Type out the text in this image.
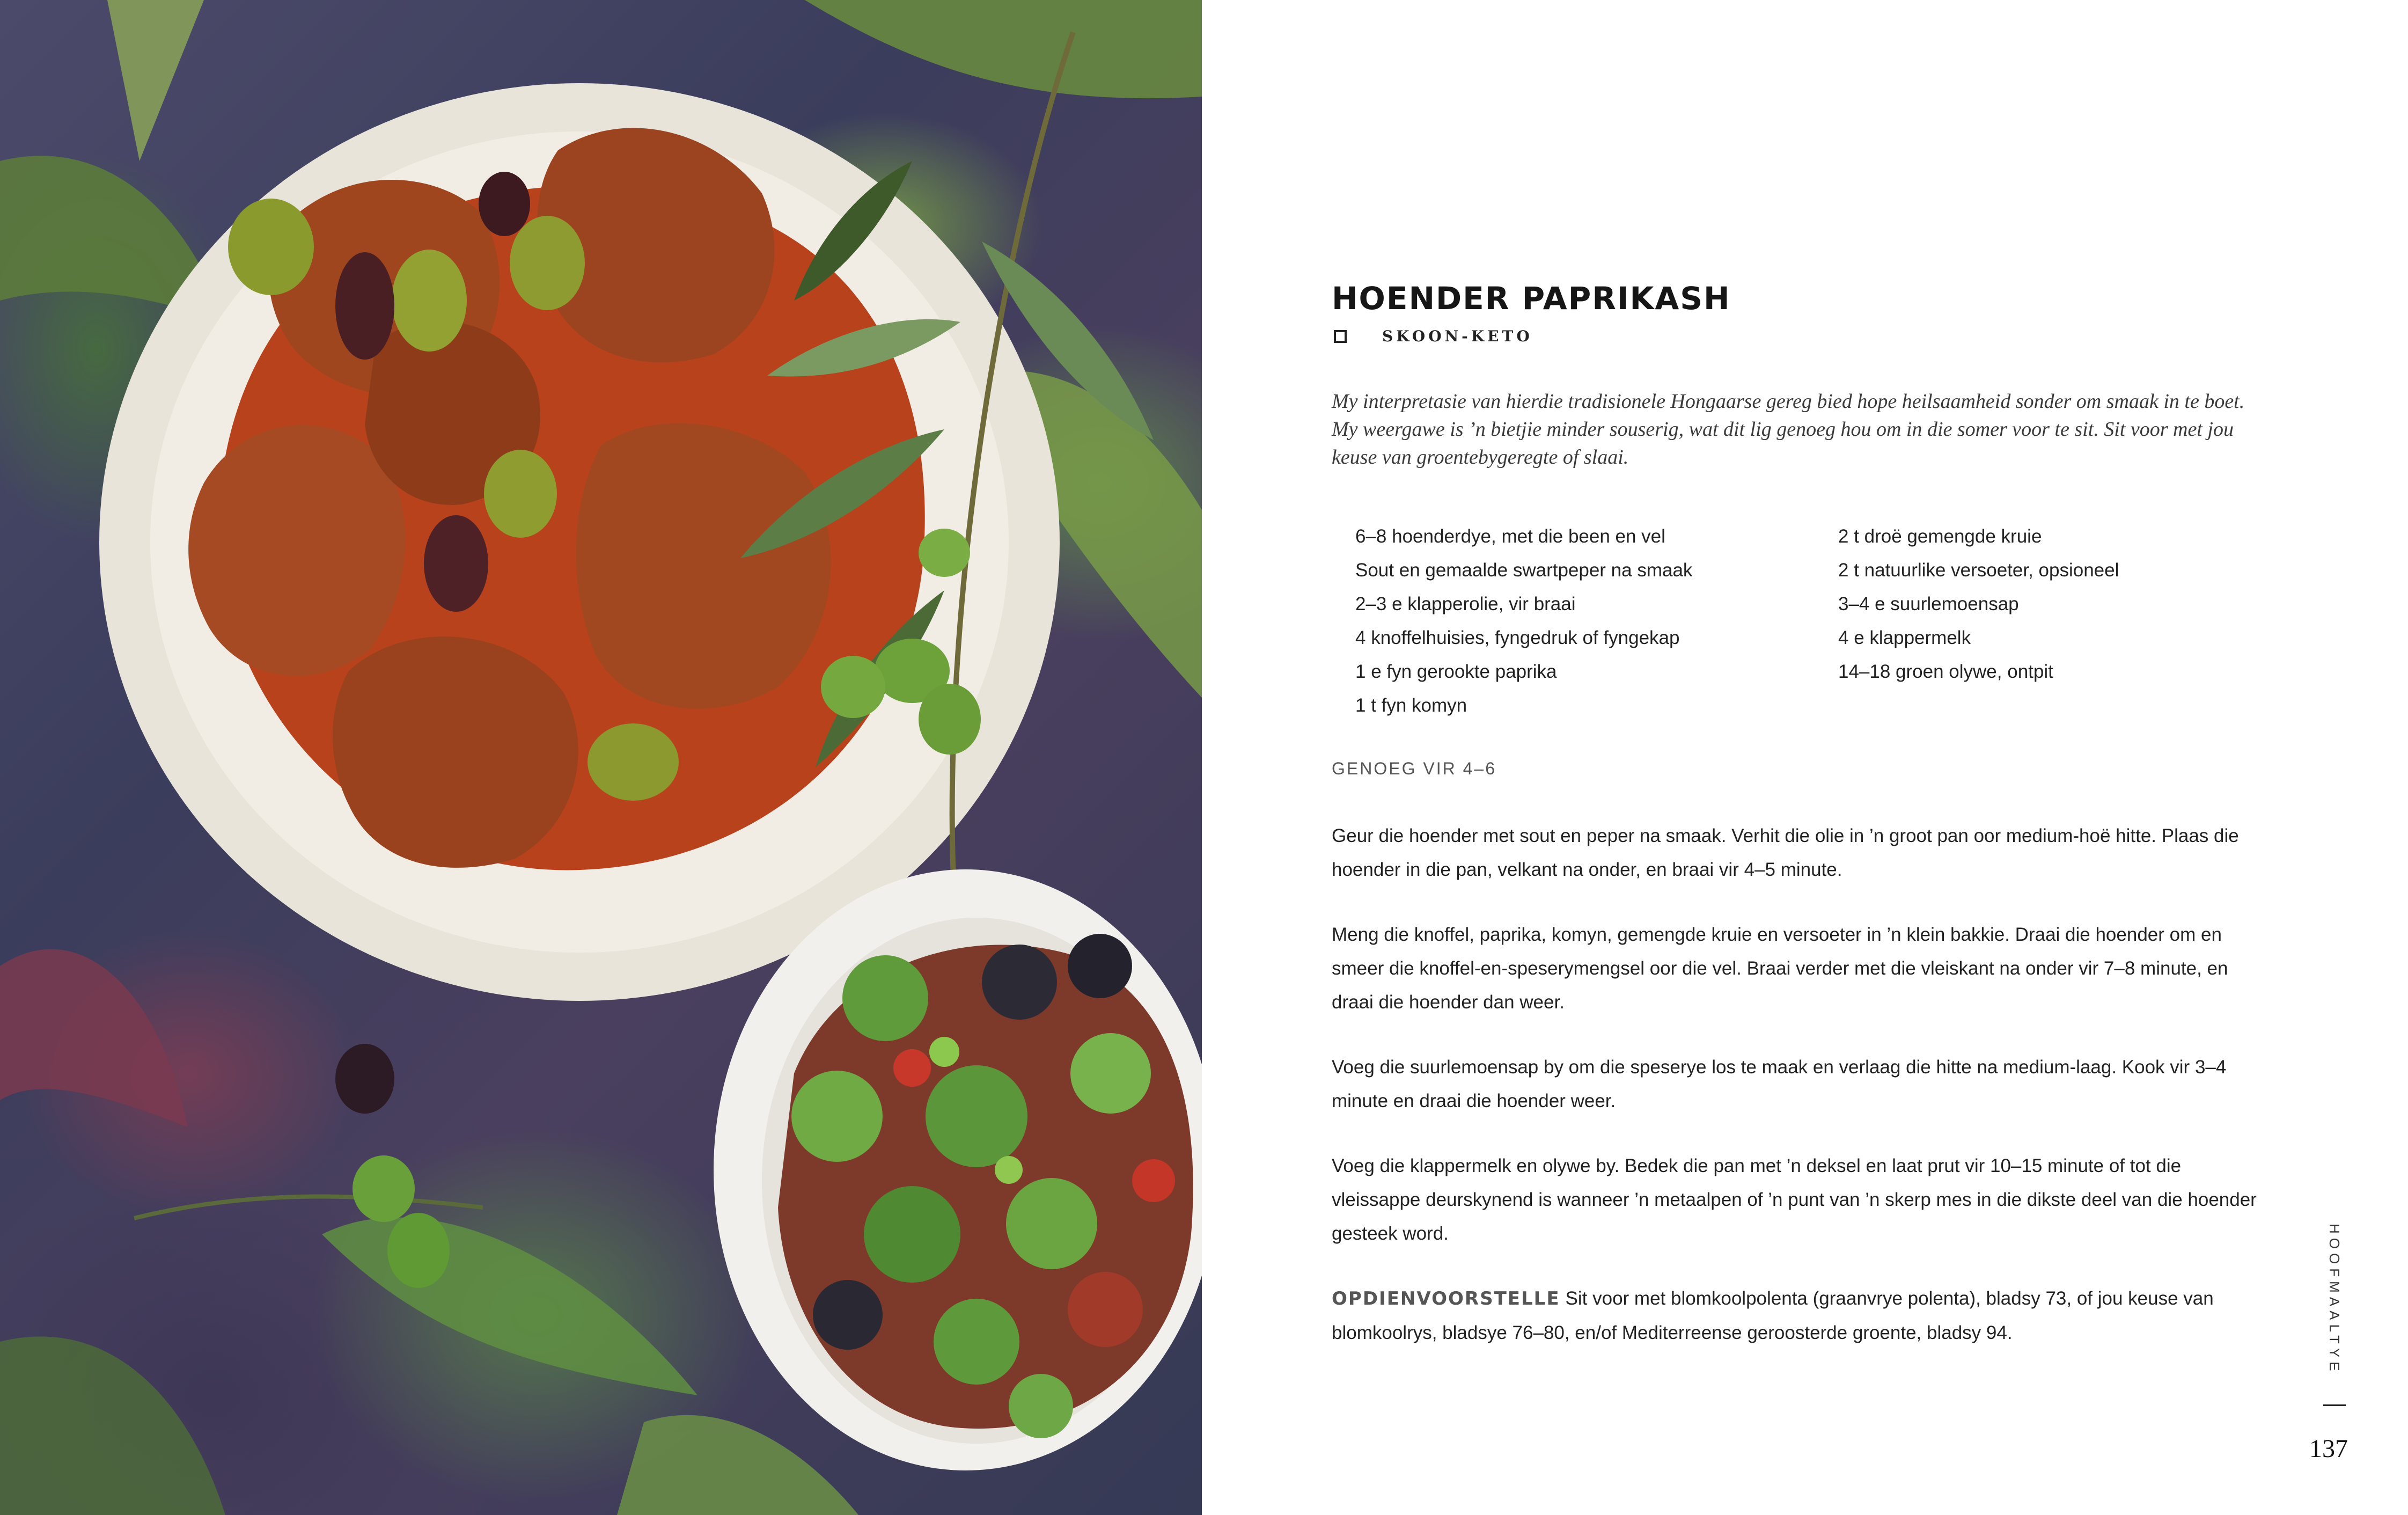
HOENDER PAPRIKASH
SKOON-KETO

My interpretasie van hierdie tradisionele Hongaarse gereg bied hope heilsaamheid sonder om smaak in te boet. My weergawe is ’n bietjie minder souserig, wat dit lig genoeg hou om in die somer voor te sit. Sit voor met jou keuse van groentebygeregte of slaai.

6–8 hoenderdye, met die been en vel
Sout en gemaalde swartpeper na smaak
2–3 e klapperolie, vir braai
4 knoffelhuisies, fyngedruk of fyngekap
1 e fyn gerookte paprika
1 t fyn komyn
2 t droë gemengde kruie
2 t natuurlike versoeter, opsioneel
3–4 e suurlemoensap
4 e klappermelk
14–18 groen olywe, ontpit
GENOEG VIR 4–6

Geur die hoender met sout en peper na smaak. Verhit die olie in ’n groot pan oor medium-hoë hitte. Plaas die hoender in die pan, velkant na onder, en braai vir 4–5 minute.

Meng die knoffel, paprika, komyn, gemengde kruie en versoeter in ’n klein bakkie. Draai die hoender om en smeer die knoffel-en-speserymengsel oor die vel. Braai verder met die vleiskant na onder vir 7–8 minute, en draai die hoender dan weer.

Voeg die suurlemoensap by om die speserye los te maak en verlaag die hitte na medium-laag. Kook vir 3–4 minute en draai die hoender weer.

Voeg die klappermelk en olywe by. Bedek die pan met ’n deksel en laat prut vir 10–15 minute of tot die vleissappe deurskynend is wanneer ’n metaalpen of ’n punt van ’n skerp mes in die dikste deel van die hoender gesteek word.

OPDIENVOORSTELLE Sit voor met blomkoolpolenta (graanvrye polenta), bladsy 73, of jou keuse van blomkoolrys, bladsye 76–80, en/of Mediterreense geroosterde groente, bladsy 94.	HOOFMAALTYE
137
